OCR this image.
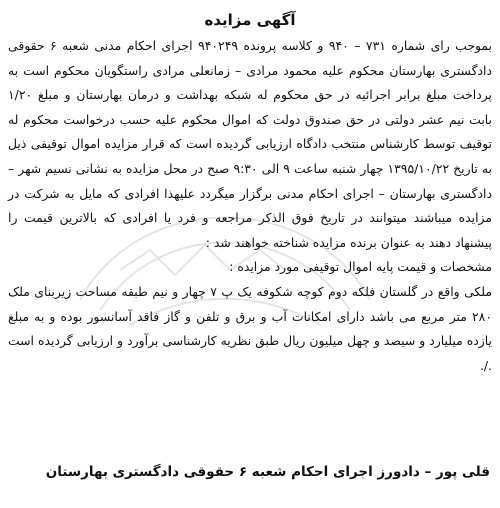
آگهی مزایده

بموجب رای شماره ۷۳۱ – ۹۴۰ و کلاسه پرونده ۹۴۰۲۴۹ اجرای احکام مدنی شعبه ۶ حقوقی دادگستری بهارستان محکوم علیه محمود مرادی – زمانعلی مرادی راستگویان محکوم است به پرداخت مبلغ برابر اجرائیه در حق محکوم له شبکه بهداشت و درمان بهارستان و مبلغ ۱/۲۰ بابت نیم عشر دولتی در حق صندوق دولت که اموال محکوم علیه حسب درخواست محکوم له توقیف توسط کارشناس منتخب دادگاه ارزیابی گردیده است که قرار مزایده اموال توقیفی ذیل به تاریخ ۱۳۹۵/۱۰/۲۲ چهار شنبه ساعت ۹ الی ۹:۳۰ صبح در محل مزایده به نشانی نسیم شهر – دادگستری بهارستان – اجرای احکام مدنی برگزار میگردد علیهذا افرادی که مایل به شرکت در مزایده میباشند میتوانند در تاریخ فوق الذکر مراجعه و فرد یا افرادی که بالاترین قیمت را پیشنهاد دهند به عنوان برنده مزایده شناخته خواهند شد :

مشخصات و قیمت پایه اموال توقیفی مورد مزایده :

ملکی واقع در گلستان فلکه دوم کوچه شکوفه یک پ ۷ چهار و نیم طبقه مساحت زیربنای ملک ۲۸۰ متر مربع می باشد دارای امکانات آب و برق و تلفن و گاز فاقد آسانسور بوده و به مبلغ یازده میلیارد و سیصد و چهل میلیون ریال طبق نظریه کارشناسی برآورد و ارزیابی گردیده است ./.

قلی پور – دادورز اجرای احکام شعبه ۶ حقوقی دادگستری بهارستان
